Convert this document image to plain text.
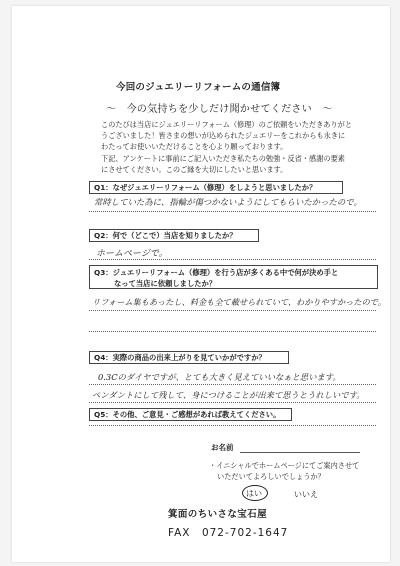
今回のジュエリーリフォームの通信簿
～　今の気持ちを少しだけ聞かせてください　～
このたびは当店にジュエリーリフォーム（修理）のご依頼をいただきありがと
うございました！皆さまの想いが込められたジュエリーをこれからも永きに
わたってお使いいただけることを心より願っております。
下記、アンケートに事前にご記入いただき私たちの勉強・反省・感謝の要素
にさせてください。このご縁を大切にしたいと思います。
Q1：なぜジュエリーリフォーム（修理）をしようと思いましたか？
常時していた為に、指輪が傷つかないようにしてもらいたかったので。
Q2：何で（どこで）当店を知りましたか？
ホームページで。
Q3：ジュエリーリフォーム（修理）を行う店が多くある中で何が決め手と
なって当店に依頼しましたか？
リフォーム集もあったし、料金も全て載せられていて、わかりやすかったので。
Q4：実際の商品の出来上がりを見ていかがですか？
0.3Cのダイヤですが、とても大きく見えていいなぁと思います。
ペンダントにして残して、身につけることが出来て思うとうれしいです。
Q5：その他、ご意見・ご感想があれば教えてください。
お名前
・イニシャルでホームページにてご案内させて
いただいてよろしいでしょうか？
はい	いいえ
箕面のちいさな宝石屋
FAX　072-702-1647
